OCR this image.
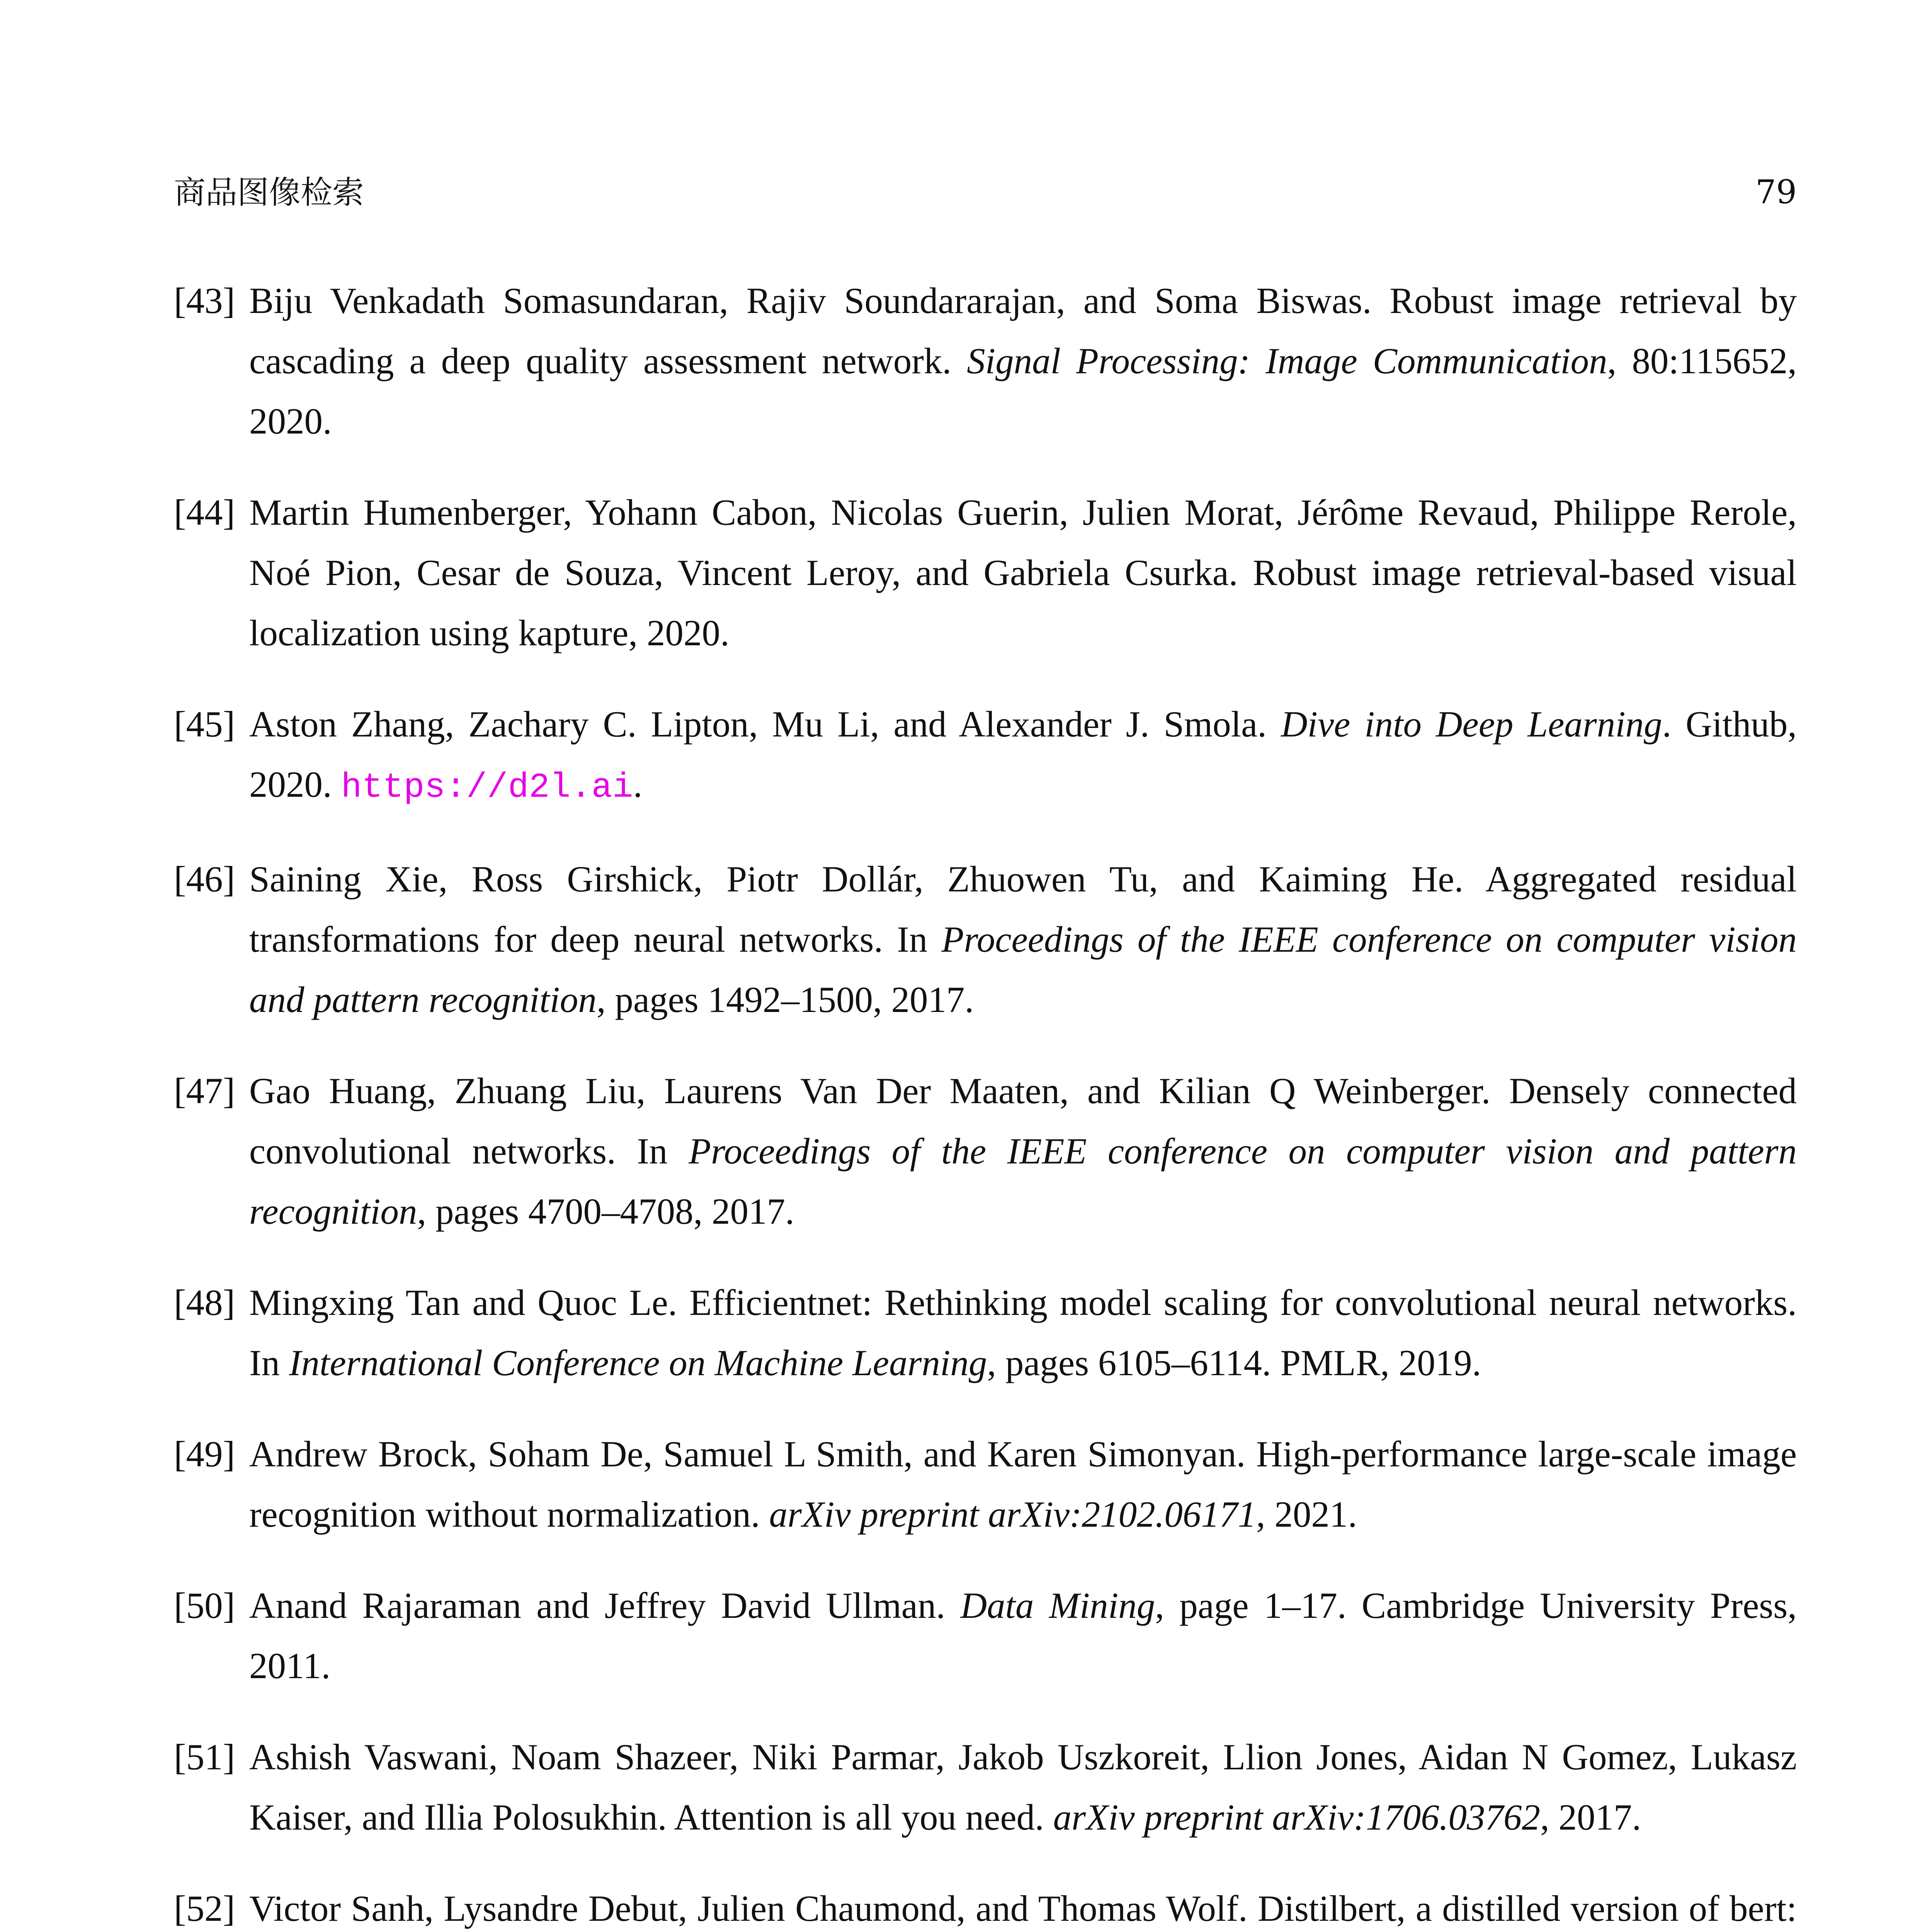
商品图像检索	79
[43] Biju Venkadath Somasundaran, Rajiv Soundararajan, and Soma Biswas. Robust image retrieval by cascading a deep quality assessment network. Signal Processing: Image Communication, 80:115652, 2020.
[44] Martin Humenberger, Yohann Cabon, Nicolas Guerin, Julien Morat, Jérôme Revaud, Philippe Rerole, Noé Pion, Cesar de Souza, Vincent Leroy, and Gabriela Csurka. Robust image retrieval-based visual localization using kapture, 2020.
[45] Aston Zhang, Zachary C. Lipton, Mu Li, and Alexander J. Smola. Dive into Deep Learning. Github, 2020. https://d2l.ai.
[46] Saining Xie, Ross Girshick, Piotr Dollár, Zhuowen Tu, and Kaiming He. Aggregated residual transformations for deep neural networks. In Proceedings of the IEEE conference on computer vision and pattern recognition, pages 1492–1500, 2017.
[47] Gao Huang, Zhuang Liu, Laurens Van Der Maaten, and Kilian Q Weinberger. Densely connected convolutional networks. In Proceedings of the IEEE conference on computer vision and pattern recognition, pages 4700–4708, 2017.
[48] Mingxing Tan and Quoc Le. Efficientnet: Rethinking model scaling for convolutional neural networks. In International Conference on Machine Learning, pages 6105–6114. PMLR, 2019.
[49] Andrew Brock, Soham De, Samuel L Smith, and Karen Simonyan. High-performance large-scale image recognition without normalization. arXiv preprint arXiv:2102.06171, 2021.
[50] Anand Rajaraman and Jeffrey David Ullman. Data Mining, page 1–17. Cambridge University Press, 2011.
[51] Ashish Vaswani, Noam Shazeer, Niki Parmar, Jakob Uszkoreit, Llion Jones, Aidan N Gomez, Lukasz Kaiser, and Illia Polosukhin. Attention is all you need. arXiv preprint arXiv:1706.03762, 2017.
[52] Victor Sanh, Lysandre Debut, Julien Chaumond, and Thomas Wolf. Distilbert, a distilled version of bert:
